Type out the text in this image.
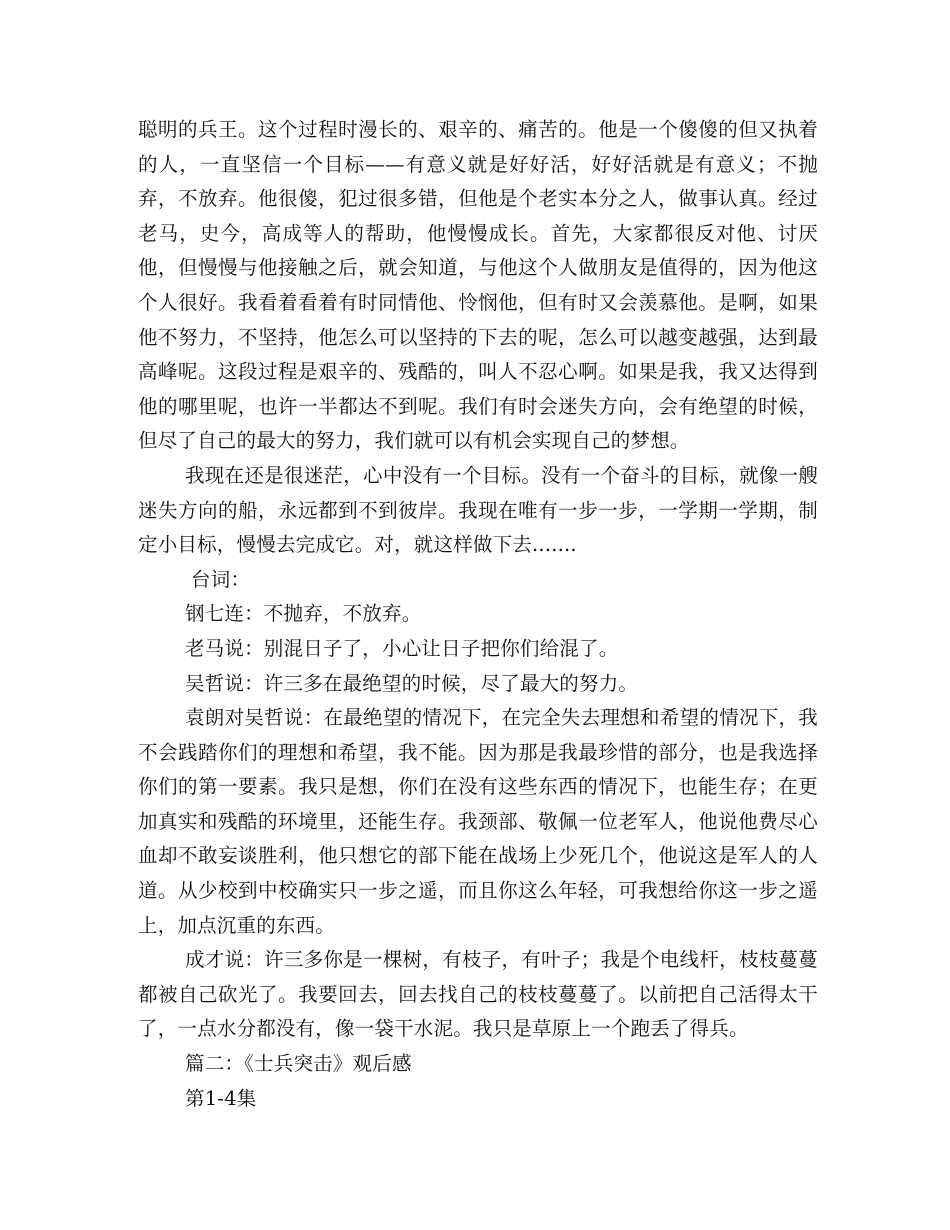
聪明的兵王。这个过程时漫长的、艰辛的、痛苦的。他是一个傻傻的但又执着的人，一直坚信一个目标——有意义就是好好活，好好活就是有意义；不抛弃，不放弃。他很傻，犯过很多错，但他是个老实本分之人，做事认真。经过老马，史今，高成等人的帮助，他慢慢成长。首先，大家都很反对他、讨厌他，但慢慢与他接触之后，就会知道，与他这个人做朋友是值得的，因为他这个人很好。我看着看着有时同情他、怜悯他，但有时又会羡慕他。是啊，如果他不努力，不坚持，他怎么可以坚持的下去的呢，怎么可以越变越强，达到最高峰呢。这段过程是艰辛的、残酷的，叫人不忍心啊。如果是我，我又达得到他的哪里呢，也许一半都达不到呢。我们有时会迷失方向，会有绝望的时候，但尽了自己的最大的努力，我们就可以有机会实现自己的梦想。

我现在还是很迷茫，心中没有一个目标。没有一个奋斗的目标，就像一艘迷失方向的船，永远都到不到彼岸。我现在唯有一步一步，一学期一学期，制定小目标，慢慢去完成它。对，就这样做下去.......

台词：

钢七连：不抛弃，不放弃。

老马说：别混日子了，小心让日子把你们给混了。

吴哲说：许三多在最绝望的时候，尽了最大的努力。

袁朗对吴哲说：在最绝望的情况下，在完全失去理想和希望的情况下，我不会践踏你们的理想和希望，我不能。因为那是我最珍惜的部分，也是我选择你们的第一要素。我只是想，你们在没有这些东西的情况下，也能生存；在更加真实和残酷的环境里，还能生存。我颈部、敬佩一位老军人，他说他费尽心血却不敢妄谈胜利，他只想它的部下能在战场上少死几个，他说这是军人的人道。从少校到中校确实只一步之遥，而且你这么年轻，可我想给你这一步之遥上，加点沉重的东西。

成才说：许三多你是一棵树，有枝子，有叶子；我是个电线杆，枝枝蔓蔓都被自己砍光了。我要回去，回去找自己的枝枝蔓蔓了。以前把自己活得太干了，一点水分都没有，像一袋干水泥。我只是草原上一个跑丢了得兵。

篇二：《士兵突击》观后感

第1-4集
